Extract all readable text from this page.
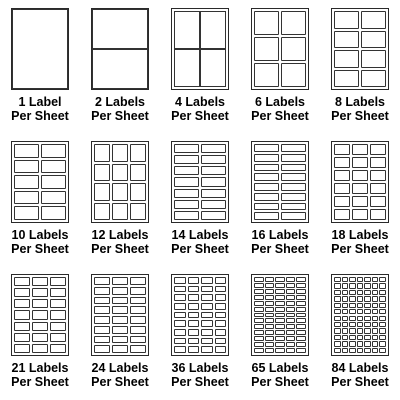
1 Label
Per Sheet
2 Labels
Per Sheet
4 Labels
Per Sheet
6 Labels
Per Sheet
8 Labels
Per Sheet
10 Labels
Per Sheet
12 Labels
Per Sheet
14 Labels
Per Sheet
16 Labels
Per Sheet
18 Labels
Per Sheet
21 Labels
Per Sheet
24 Labels
Per Sheet
36 Labels
Per Sheet
65 Labels
Per Sheet
84 Labels
Per Sheet
